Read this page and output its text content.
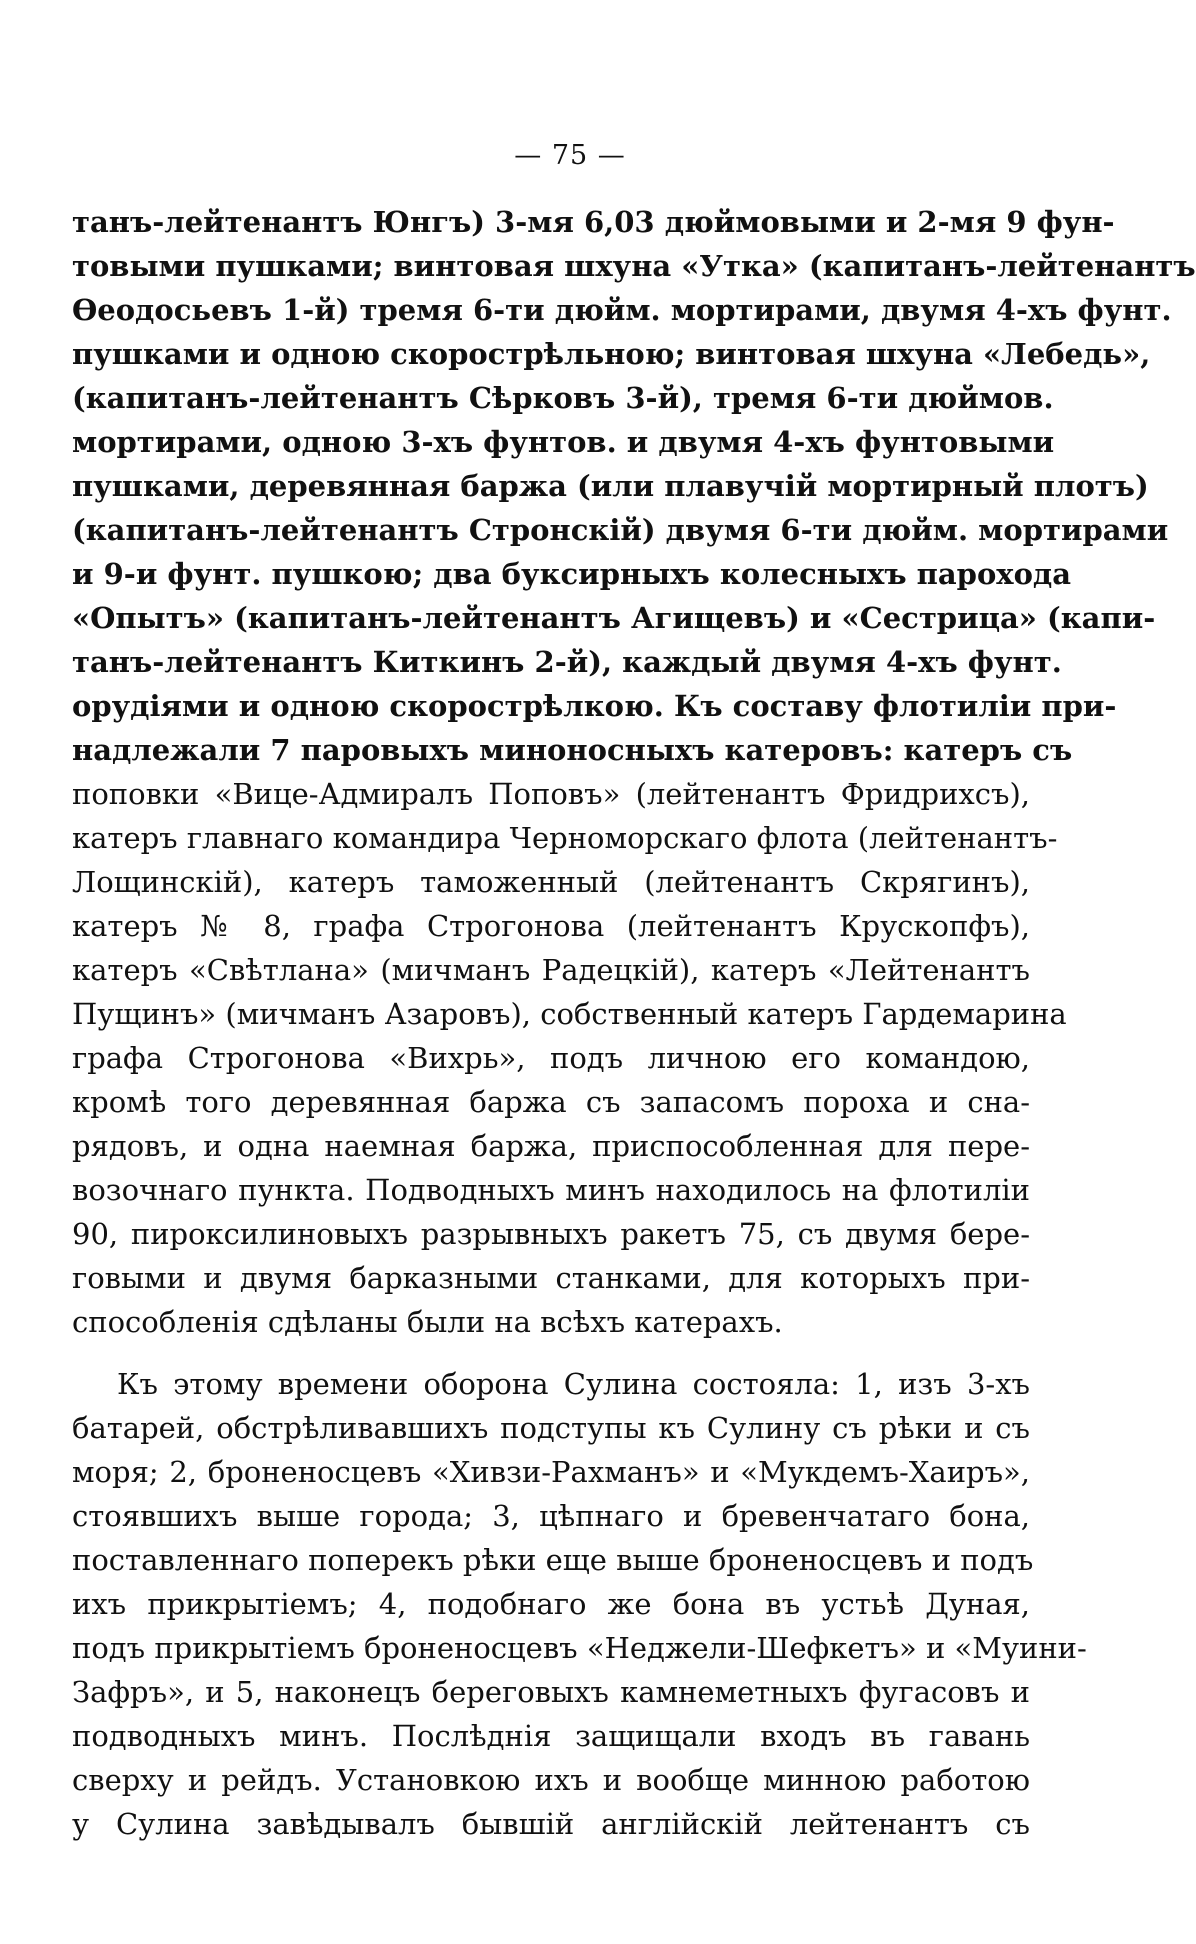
— 75 —
танъ-лейтенантъ Юнгъ) 3-мя 6,03 дюймовыми и 2-мя 9 фун-
товыми пушками; винтовая шхуна «Утка» (капитанъ-лейтенантъ
Ѳеодосьевъ 1-й) тремя 6-ти дюйм. мортирами, двумя 4-хъ фунт.
пушками и одною скорострѣльною; винтовая шхуна «Лебедь»,
(капитанъ-лейтенантъ Сѣрковъ 3-й), тремя 6-ти дюймов.
мортирами, одною 3-хъ фунтов. и двумя 4-хъ фунтовыми
пушками, деревянная баржа (или плавучій мортирный плотъ)
(капитанъ-лейтенантъ Стронскій) двумя 6-ти дюйм. мортирами
и 9-и фунт. пушкою; два буксирныхъ колесныхъ парохода
«Опытъ» (капитанъ-лейтенантъ Агищевъ) и «Сестрица» (капи-
танъ-лейтенантъ Киткинъ 2-й), каждый двумя 4-хъ фунт.
орудіями и одною скорострѣлкою. Къ составу флотиліи при-
надлежали 7 паровыхъ миноносныхъ катеровъ: катеръ съ
поповки «Вице-Адмиралъ Поповъ» (лейтенантъ Фридрихсъ),
катеръ главнаго командира Черноморскаго флота (лейтенантъ-
Лощинскій), катеръ таможенный (лейтенантъ Скрягинъ),
катеръ № 8, графа Строгонова (лейтенантъ Крускопфъ),
катеръ «Свѣтлана» (мичманъ Радецкій), катеръ «Лейтенантъ
Пущинъ» (мичманъ Азаровъ), собственный катеръ Гардемарина
графа Строгонова «Вихрь», подъ личною его командою,
кромѣ того деревянная баржа съ запасомъ пороха и сна-
рядовъ, и одна наемная баржа, приспособленная для пере-
возочнаго пункта. Подводныхъ минъ находилось на флотиліи
90, пироксилиновыхъ разрывныхъ ракетъ 75, съ двумя бере-
говыми и двумя барказными станками, для которыхъ при-
способленія сдѣланы были на всѣхъ катерахъ.
Къ этому времени оборона Сулина состояла: 1, изъ 3-хъ
батарей, обстрѣливавшихъ подступы къ Сулину съ рѣки и съ
моря; 2, броненосцевъ «Хивзи-Рахманъ» и «Мукдемъ-Хаиръ»,
стоявшихъ выше города; 3, цѣпнаго и бревенчатаго бона,
поставленнаго поперекъ рѣки еще выше броненосцевъ и подъ
ихъ прикрытіемъ; 4, подобнаго же бона въ устьѣ Дуная,
подъ прикрытіемъ броненосцевъ «Неджели-Шефкетъ» и «Муини-
Зафръ», и 5, наконецъ береговыхъ камнеметныхъ фугасовъ и
подводныхъ минъ. Послѣднія защищали входъ въ гавань
сверху и рейдъ. Установкою ихъ и вообще минною работою
у Сулина завѣдывалъ бывшій англійскій лейтенантъ съ
